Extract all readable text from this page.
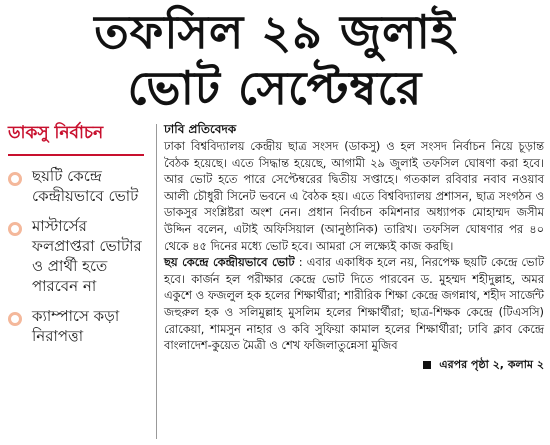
তফসিল ২৯ জুলাই
ভোট সেপ্টেম্বরে
ডাকসু নির্বাচন
ছয়টি কেন্দ্রে কেন্দ্রীয়ভাবে ভোট
মাস্টার্সের ফলপ্রাপ্তরা ভোটার ও প্রার্থী হতে পারবেন না
ক্যাম্পাসে কড়া নিরাপত্তা
ঢাবি প্রতিবেদক
ঢাকা বিশ্ববিদ্যালয় কেন্দ্রীয় ছাত্র সংসদ (ডাকসু) ও হল সংসদ নির্বাচন নিয়ে চূড়ান্ত বৈঠক হয়েছে। এতে সিদ্ধান্ত হয়েছে, আগামী ২৯ জুলাই তফসিল ঘোষণা করা হবে। আর ভোট হতে পারে সেপ্টেম্বরের দ্বিতীয় সপ্তাহে। গতকাল রবিবার নবাব নওয়াব আলী চৌধুরী সিনেট ভবনে এ বৈঠক হয়। এতে বিশ্ববিদ্যালয় প্রশাসন, ছাত্র সংগঠন ও ডাকসুর সংশ্লিষ্টরা অংশ নেন। প্রধান নির্বাচন কমিশনার অধ্যাপক মোহাম্মদ জসীম উদ্দিন বলেন, এটাই অফিসিয়াল (আনুষ্ঠানিক) তারিখ। তফসিল ঘোষণার পর ৪০ থেকে ৪৫ দিনের মধ্যে ভোট হবে। আমরা সে লক্ষ্যেই কাজ করছি।
ছয় কেন্দ্রে কেন্দ্রীয়ভাবে ভোট : এবার একাধিক হলে নয়, নিরপেক্ষ ছয়টি কেন্দ্রে ভোট হবে। কার্জন হল পরীক্ষার কেন্দ্রে ভোট দিতে পারবেন ড. মুহম্মদ শহীদুল্লাহ, অমর একুশে ও ফজলুল হক হলের শিক্ষার্থীরা; শারীরিক শিক্ষা কেন্দ্রে জগন্নাথ, শহীদ সার্জেন্ট জহুরুল হক ও সলিমুল্লাহ মুসলিম হলের শিক্ষার্থীরা; ছাত্র-শিক্ষক কেন্দ্রে (টিএসসি) রোকেয়া, শামসুন নাহার ও কবি সুফিয়া কামাল হলের শিক্ষার্থীরা; ঢাবি ক্লাব কেন্দ্রে বাংলাদেশ-কুয়েত মৈত্রী ও শেখ ফজিলাতুন্নেসা মুজিব
এরপর পৃষ্ঠা ২, কলাম ২
